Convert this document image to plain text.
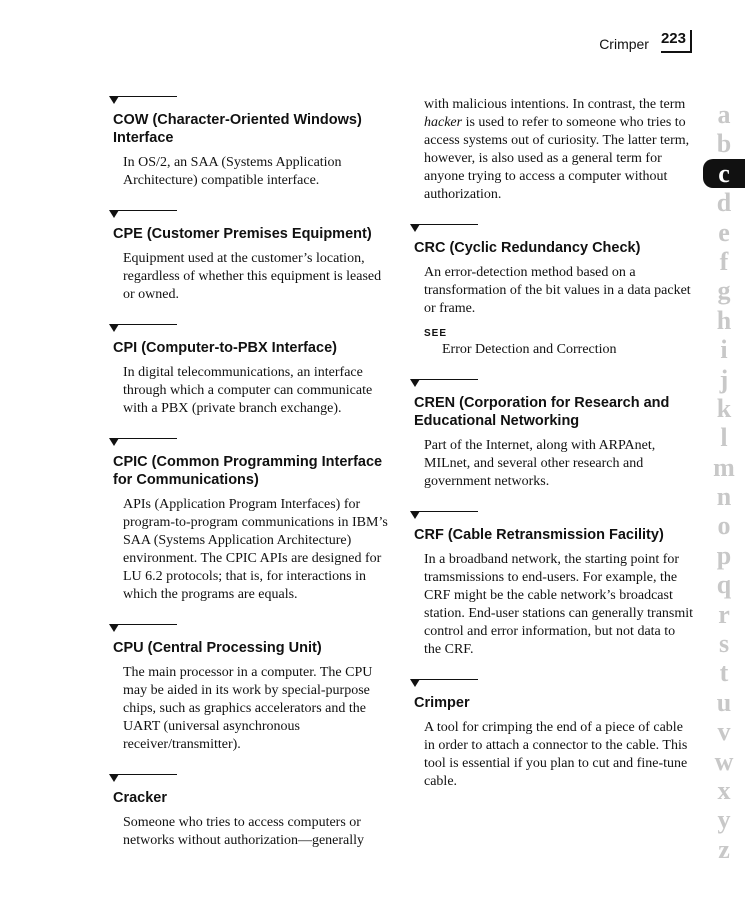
Crimper 223
COW (Character-Oriented Windows) Interface
In OS/2, an SAA (Systems Application Architecture) compatible interface.
CPE (Customer Premises Equipment)
Equipment used at the customer’s location, regardless of whether this equipment is leased or owned.
CPI (Computer-to-PBX Interface)
In digital telecommunications, an interface through which a computer can communicate with a PBX (private branch exchange).
CPIC (Common Programming Interface for Communications)
APIs (Application Program Interfaces) for program-to-program communications in IBM’s SAA (Systems Application Architecture) environment. The CPIC APIs are designed for LU 6.2 protocols; that is, for interactions in which the programs are equals.
CPU (Central Processing Unit)
The main processor in a computer. The CPU may be aided in its work by special-purpose chips, such as graphics accelerators and the UART (universal asynchronous receiver/transmitter).
Cracker
Someone who tries to access computers or networks without authorization—generally
with malicious intentions. In contrast, the term hacker is used to refer to someone who tries to access systems out of curiosity. The latter term, however, is also used as a general term for anyone trying to access a computer without authorization.
CRC (Cyclic Redundancy Check)
An error-detection method based on a transformation of the bit values in a data packet or frame.
SEE
Error Detection and Correction
CREN (Corporation for Research and Educational Networking
Part of the Internet, along with ARPAnet, MILnet, and several other research and government networks.
CRF (Cable Retransmission Facility)
In a broadband network, the starting point for tramsmissions to end-users. For example, the CRF might be the cable network’s broadcast station. End-user stations can generally transmit control and error information, but not data to the CRF.
Crimper
A tool for crimping the end of a piece of cable in order to attach a connector to the cable. This tool is essential if you plan to cut and fine-tune cable.
a
b
c
d
e
f
g
h
i
j
k
l
m
n
o
p
q
r
s
t
u
v
w
x
y
z
